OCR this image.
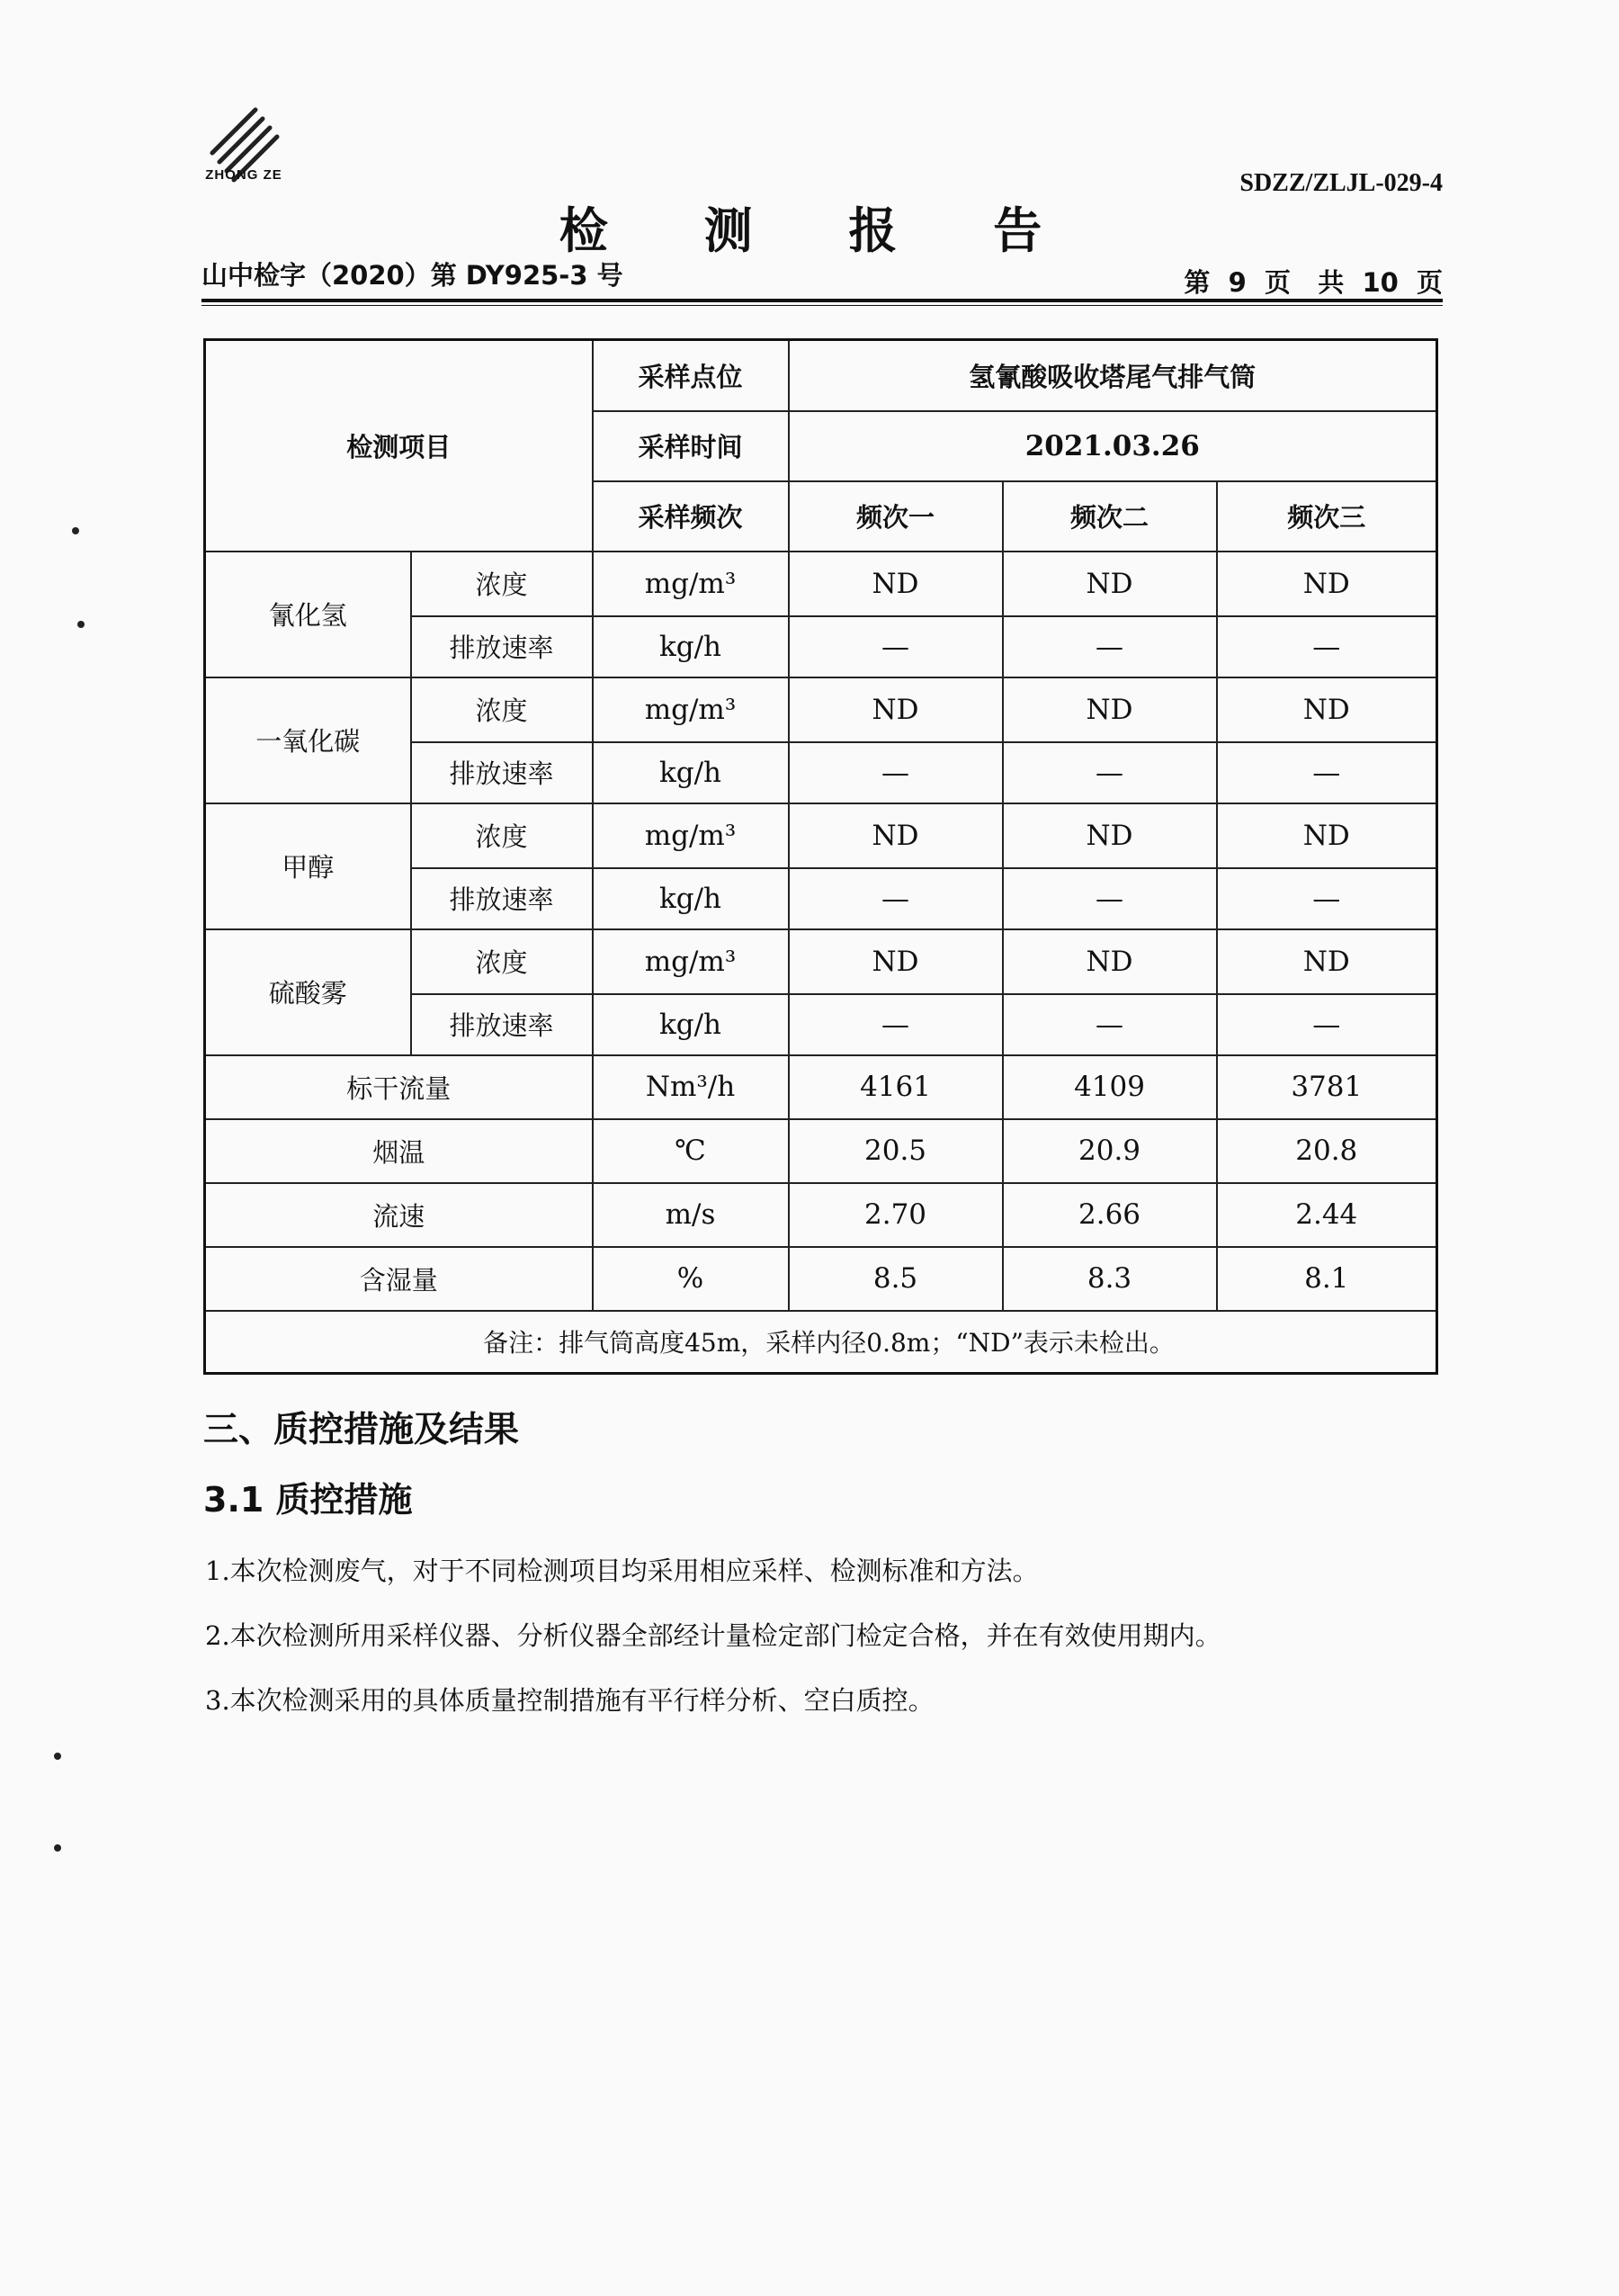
ZHONG ZE	SDZZ/ZLJL-029-4
检 测 报 告
山中检字（2020）第 DY925-3 号	第  9  页   共  10  页
检测项目		采样点位	氢氰酸吸收塔尾气排气筒		
		采样时间	2021.03.26		
		采样频次	频次一	频次二	频次三
氰化氢	浓度	mg/m³	ND	ND	ND
	排放速率	kg/h	—	—	—
一氧化碳	浓度	mg/m³	ND	ND	ND
	排放速率	kg/h	—	—	—
甲醇	浓度	mg/m³	ND	ND	ND
	排放速率	kg/h	—	—	—
硫酸雾	浓度	mg/m³	ND	ND	ND
	排放速率	kg/h	—	—	—
标干流量		Nm³/h	4161	4109	3781
烟温		℃	20.5	20.9	20.8
流速		m/s	2.70	2.66	2.44
含湿量		%	8.5	8.3	8.1
备注：排气筒高度45m，采样内径0.8m；“ND”表示未检出。					
三、质控措施及结果
3.1 质控措施
1.本次检测废气，对于不同检测项目均采用相应采样、检测标准和方法。
2.本次检测所用采样仪器、分析仪器全部经计量检定部门检定合格，并在有效使用期内。
3.本次检测采用的具体质量控制措施有平行样分析、空白质控。
